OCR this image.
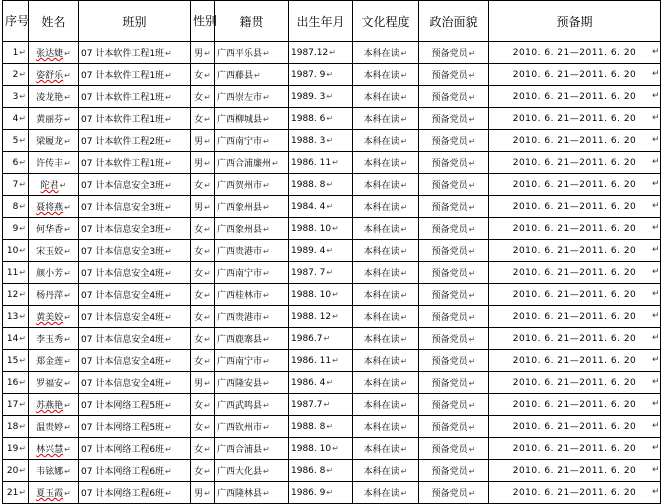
序号	姓名	班别	性别	籍贯	出生年月	文化程度	政治面貌	预备期
1↵	张达婕↵	07 计本软件工程1班↵	男↵	广西平乐县↵	1987.12↵	本科在读↵	预备党员↵	2010. 6. 21—2011. 6. 20 ↵

2↵	姿舒乐↵	07 计本软件工程1班↵	女↵	广西藤县↵	1987. 9↵	本科在读↵	预备党员↵	2010. 6. 21—2011. 6. 20 ↵

3↵	凌龙艳↵	07 计本软件工程1班↵	女↵	广西崇左市↵	1989. 3↵	本科在读↵	预备党员↵	2010. 6. 21—2011. 6. 20 ↵

4↵	黄丽芬↵	07 计本软件工程1班↵	女↵	广西柳城县↵	1988. 6↵	本科在读↵	预备党员↵	2010. 6. 21—2011. 6. 20 ↵

5↵	梁履龙↵	07 计本软件工程2班↵	男↵	广西南宁市↵	1988. 3↵	本科在读↵	预备党员↵	2010. 6. 21—2011. 6. 20 ↵

6↵	许传丰↵	07 计本软件工程1班↵	男↵	广西合浦廉州↵	1986. 11↵	本科在读↵	预备党员↵	2010. 6. 21—2011. 6. 20 ↵

7↵	陀君↵	07 计本信息安全3班↵	女↵	广西贺州市↵	1988. 8↵	本科在读↵	预备党员↵	2010. 6. 21—2011. 6. 20 ↵

8↵	聂将燕↵	07 计本信息安全3班↵	男↵	广西象州县↵	1984. 4↵	本科在读↵	预备党员↵	2010. 6. 21—2011. 6. 20 ↵

9↵	何华香↵	07 计本信息安全3班↵	女↵	广西象州县↵	1988. 10↵	本科在读↵	预备党员↵	2010. 6. 21—2011. 6. 20 ↵

10↵	宋玉姣↵	07 计本信息安全3班↵	女↵	广西贵港市↵	1989. 4↵	本科在读↵	预备党员↵	2010. 6. 21—2011. 6. 20 ↵

11↵	颜小芳↵	07 计本信息安全4班↵	女↵	广西南宁市↵	1987. 7↵	本科在读↵	预备党员↵	2010. 6. 21—2011. 6. 20 ↵

12↵	杨丹萍↵	07 计本信息安全4班↵	女↵	广西桂林市↵	1988. 10↵	本科在读↵	预备党员↵	2010. 6. 21—2011. 6. 20 ↵

13↵	黄美姣↵	07 计本信息安全4班↵	女↵	广西贵港市↵	1988. 12↵	本科在读↵	预备党员↵	2010. 6. 21—2011. 6. 20 ↵

14↵	李玉秀↵	07 计本信息安全4班↵	女↵	广西鹿寨县↵	1986.7↵	本科在读↵	预备党员↵	2010. 6. 21—2011. 6. 20 ↵

15↵	郑金莲↵	07 计本信息安全4班↵	女↵	广西南宁市↵	1986. 11↵	本科在读↵	预备党员↵	2010. 6. 21—2011. 6. 20 ↵

16↵	罗福安↵	07 计本信息安全4班↵	男↵	广西隆安县↵	1986. 4↵	本科在读↵	预备党员↵	2010. 6. 21—2011. 6. 20 ↵

17↵	苏燕艳↵	07 计本网络工程5班↵	女↵	广西武鸣县↵	1987.7↵	本科在读↵	预备党员↵	2010. 6. 21—2011. 6. 20 ↵

18↵	温贵婷↵	07 计本网络工程5班↵	女↵	广西钦州市↵	1988. 8↵	本科在读↵	预备党员↵	2010. 6. 21—2011. 6. 20 ↵

19↵	林兴慧↵	07 计本网络工程6班↵	女↵	广西合浦县↵	1988. 10↵	本科在读↵	预备党员↵	2010. 6. 21—2011. 6. 20 ↵

20↵	韦铉娜↵	07 计本网络工程6班↵	女↵	广西大化县↵	1986. 8↵	本科在读↵	预备党员↵	2010. 6. 21—2011. 6. 20 ↵

21↵	夏玉霞↵	07 计本网络工程6班↵	男↵	广西隆林县↵	1986. 9↵	本科在读↵	预备党员↵	2010. 6. 21—2011. 6. 20 ↵
